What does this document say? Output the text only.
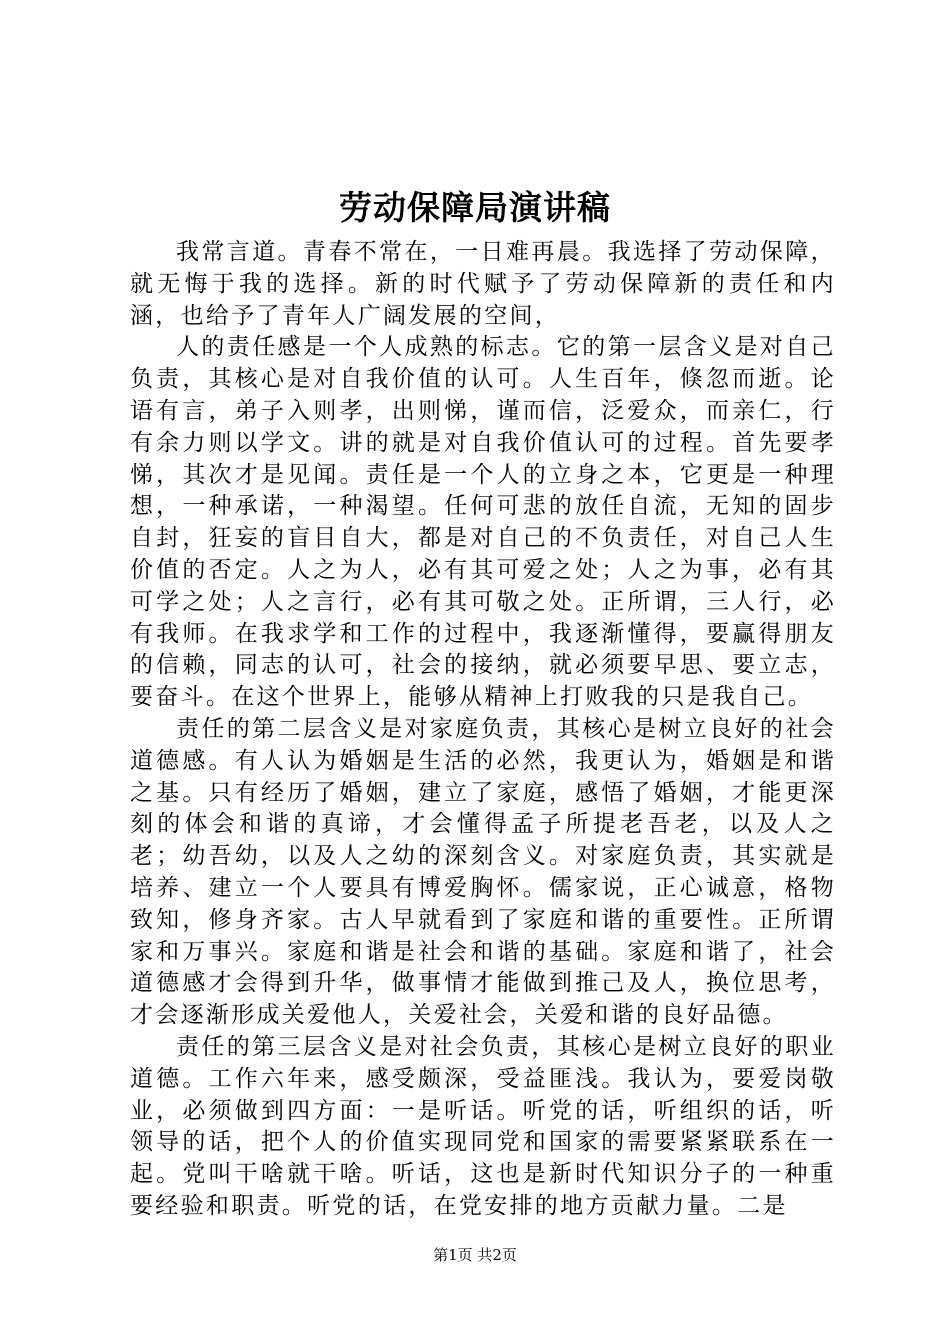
劳动保障局演讲稿

我常言道。青春不常在，一日难再晨。我选择了劳动保障，就无悔于我的选择。新的时代赋予了劳动保障新的责任和内涵，也给予了青年人广阔发展的空间，

人的责任感是一个人成熟的标志。它的第一层含义是对自己负责，其核心是对自我价值的认可。人生百年，倏忽而逝。论语有言，弟子入则孝，出则悌，谨而信，泛爱众，而亲仁，行有余力则以学文。讲的就是对自我价值认可的过程。首先要孝悌，其次才是见闻。责任是一个人的立身之本，它更是一种理想，一种承诺，一种渴望。任何可悲的放任自流，无知的固步自封，狂妄的盲目自大，都是对自己的不负责任，对自己人生价值的否定。人之为人，必有其可爱之处；人之为事，必有其可学之处；人之言行，必有其可敬之处。正所谓，三人行，必有我师。在我求学和工作的过程中，我逐渐懂得，要赢得朋友的信赖，同志的认可，社会的接纳，就必须要早思、要立志，要奋斗。在这个世界上，能够从精神上打败我的只是我自己。

责任的第二层含义是对家庭负责，其核心是树立良好的社会道德感。有人认为婚姻是生活的必然，我更认为，婚姻是和谐之基。只有经历了婚姻，建立了家庭，感悟了婚姻，才能更深刻的体会和谐的真谛，才会懂得孟子所提老吾老，以及人之老；幼吾幼，以及人之幼的深刻含义。对家庭负责，其实就是培养、建立一个人要具有博爱胸怀。儒家说，正心诚意，格物致知，修身齐家。古人早就看到了家庭和谐的重要性。正所谓家和万事兴。家庭和谐是社会和谐的基础。家庭和谐了，社会道德感才会得到升华，做事情才能做到推己及人，换位思考，才会逐渐形成关爱他人，关爱社会，关爱和谐的良好品德。

责任的第三层含义是对社会负责，其核心是树立良好的职业道德。工作六年来，感受颇深，受益匪浅。我认为，要爱岗敬业，必须做到四方面：一是听话。听党的话，听组织的话，听领导的话，把个人的价值实现同党和国家的需要紧紧联系在一起。党叫干啥就干啥。听话，这也是新时代知识分子的一种重要经验和职责。听党的话，在党安排的地方贡献力量。二是

第1页 共2页
